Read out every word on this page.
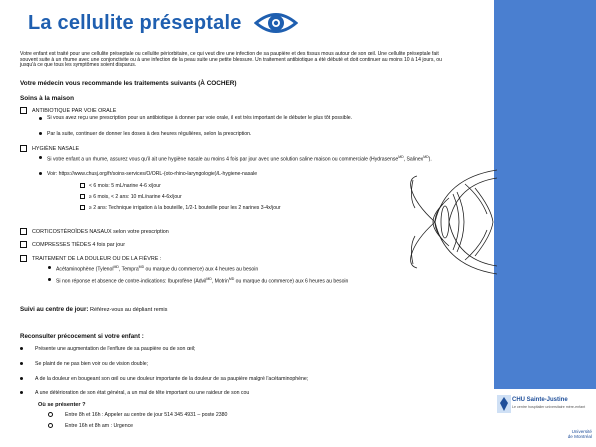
La cellulite préseptale
CHU Sainte-Justine
Le centre hospitalier universitaire mère-enfant
Université
de Montréal

Votre enfant est traité pour une cellulite préseptale ou cellulite périorbitaire, ce qui veut dire une infection de sa paupière et des tissus mous autour de son œil. Une cellulite préseptale fait souvent suite à un rhume avec une conjonctivite ou à une infection de la peau suite une petite blessure. Un traitement antibiotique a été débuté et doit continuer au moins 10 à 14 jours, ou jusqu'à ce que tous les symptômes soient disparus.

Votre médecin vous recommande les traitements suivants (À COCHER)
Soins à la maison
ANTIBIOTIQUE PAR VOIE ORALE
Si vous avez reçu une prescription pour un antibiotique à donner par voie orale, il est très important de le débuter le plus tôt possible.
Par la suite, continuer de donner les doses à des heures régulières, selon la prescription.
HYGIÈNE NASALE
Si votre enfant a un rhume, assurez vous qu'il ait une hygiène nasale au moins 4 fois par jour avec une solution saline maison ou commerciale (Hydrasense$^{MD}$, Salinex$^{MD}$).
Voir: https://www.chusj.org/fr/soins-services/O/ORL-(oto-rhino-laryngologie)/L-hygiene-nasale
< 6 mois: 5 mL/narine 4-6 x/jour
≥ 6 mois, < 2 ans: 10 mL/narine 4-6x/jour
≥ 2 ans: Technique irrigation à la bouteille, 1/2-1 bouteille pour les 2 narines 3-4x/jour
CORTICOSTÉROÏDES NASAUX selon votre prescription
COMPRESSES TIÈDES 4 fois par jour
TRAITEMENT DE LA DOULEUR OU DE LA FIÈVRE :
Acétaminophène (Tylenol$^{MD}$, Tempra$^{MD}$ ou marque du commerce) aux 4 heures au besoin
Si non réponse et absence de contre-indications: Ibuprofène (Advil$^{MD}$, Motrin$^{MD}$ ou marque du commerce) aux 6 heures au besoin
Suivi au centre de jour: Référez-vous au dépliant remis
Reconsulter précocement si votre enfant :
Présente une augmentation de l'enflure de sa paupière ou de son œil;
Se plaint de ne pas bien voir ou de vision double;
A de la douleur en bougeant son œil ou une douleur importante de la douleur de sa paupière malgré l'acétaminophène;
A une détérioration de son état général, a un mal de tête important ou une raideur de son cou
Où se présenter ?
Entre 8h et 16h : Appeler au centre de jour 514 345 4931 – poste 2380
Entre 16h et 8h am : Urgence
